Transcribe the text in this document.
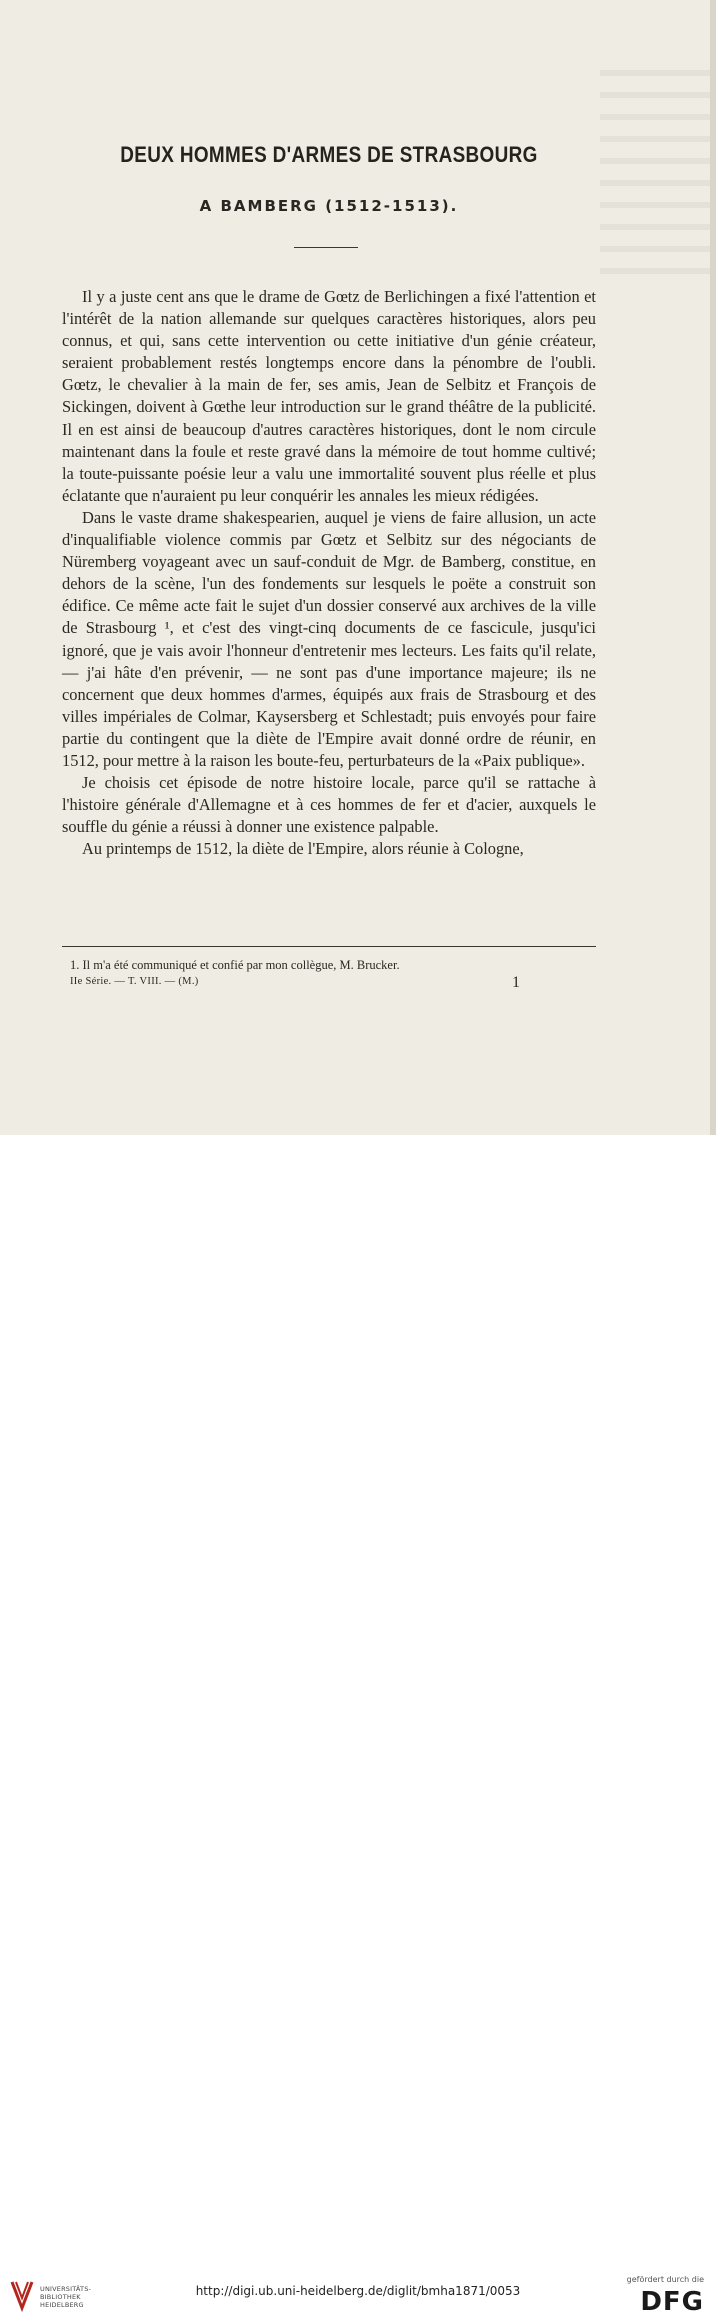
DEUX HOMMES D'ARMES DE STRASBOURG
A BAMBERG (1512-1513).

Il y a juste cent ans que le drame de Gœtz de Berlichingen a fixé l'attention et l'intérêt de la nation allemande sur quelques caractères historiques, alors peu connus, et qui, sans cette intervention ou cette initiative d'un génie créateur, seraient probablement restés longtemps encore dans la pénombre de l'oubli. Gœtz, le chevalier à la main de fer, ses amis, Jean de Selbitz et François de Sickingen, doivent à Gœthe leur introduction sur le grand théâtre de la publicité. Il en est ainsi de beaucoup d'autres caractères historiques, dont le nom circule maintenant dans la foule et reste gravé dans la mémoire de tout homme cultivé; la toute-puissante poésie leur a valu une immortalité souvent plus réelle et plus éclatante que n'auraient pu leur conquérir les annales les mieux rédigées.

Dans le vaste drame shakespearien, auquel je viens de faire allusion, un acte d'inqualifiable violence commis par Gœtz et Selbitz sur des négociants de Nüremberg voyageant avec un sauf-conduit de Mgr. de Bamberg, constitue, en dehors de la scène, l'un des fondements sur lesquels le poëte a construit son édifice. Ce même acte fait le sujet d'un dossier conservé aux archives de la ville de Strasbourg ¹, et c'est des vingt-cinq documents de ce fascicule, jusqu'ici ignoré, que je vais avoir l'honneur d'entretenir mes lecteurs. Les faits qu'il relate, — j'ai hâte d'en prévenir, — ne sont pas d'une importance majeure; ils ne concernent que deux hommes d'armes, équipés aux frais de Strasbourg et des villes impériales de Colmar, Kaysersberg et Schlestadt; puis envoyés pour faire partie du contingent que la diète de l'Empire avait donné ordre de réunir, en 1512, pour mettre à la raison les boute-feu, perturbateurs de la «Paix publique».

Je choisis cet épisode de notre histoire locale, parce qu'il se rattache à l'histoire générale d'Allemagne et à ces hommes de fer et d'acier, auxquels le souffle du génie a réussi à donner une existence palpable.

Au printemps de 1512, la diète de l'Empire, alors réunie à Cologne,

1. Il m'a été communiqué et confié par mon collègue, M. Brucker.
IIe Série. — T. VIII. — (M.)	1
UNIVERSITÄTS-
BIBLIOTHEK
HEIDELBERG
http://digi.ub.uni-heidelberg.de/diglit/bmha1871/0053
gefördert durch die
DFG
